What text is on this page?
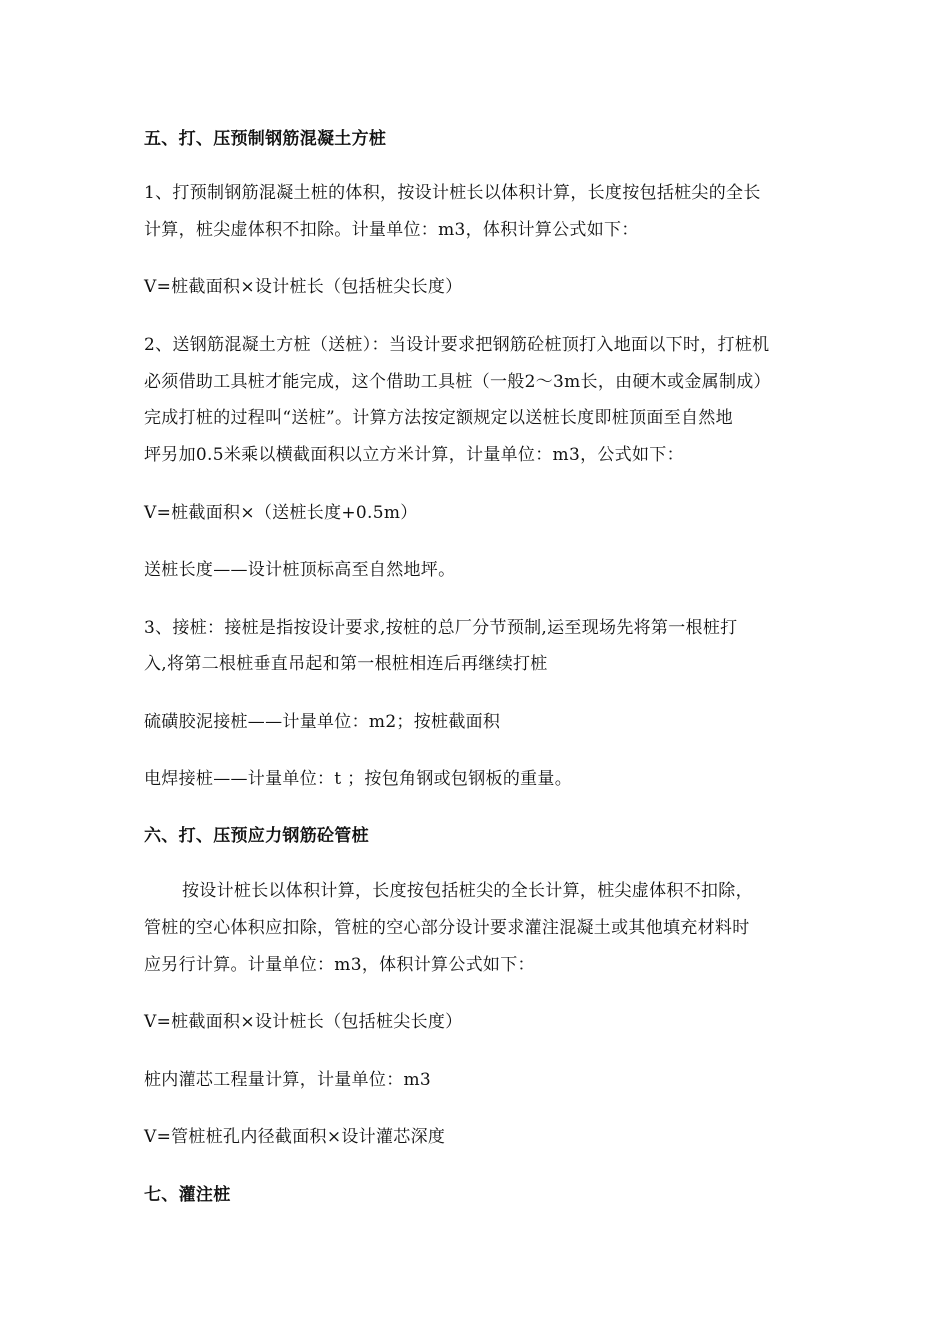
五、打、压预制钢筋混凝土方桩
1、打预制钢筋混凝土桩的体积，按设计桩长以体积计算，长度按包括桩尖的全长
计算，桩尖虚体积不扣除。计量单位：m3，体积计算公式如下：
V=桩截面积×设计桩长（包括桩尖长度）
2、送钢筋混凝土方桩（送桩）：当设计要求把钢筋砼桩顶打入地面以下时，打桩机
必须借助工具桩才能完成，这个借助工具桩（一般2～3m长，由硬木或金属制成）
完成打桩的过程叫“送桩”。计算方法按定额规定以送桩长度即桩顶面至自然地
坪另加0.5米乘以横截面积以立方米计算，计量单位：m3，公式如下：
V=桩截面积×（送桩长度+0.5m）
送桩长度——设计桩顶标高至自然地坪。
3、接桩：接桩是指按设计要求,按桩的总厂分节预制,运至现场先将第一根桩打
入,将第二根桩垂直吊起和第一根桩相连后再继续打桩
硫磺胶泥接桩——计量单位：m2；按桩截面积
电焊接桩——计量单位：t ；按包角钢或包钢板的重量。
六、打、压预应力钢筋砼管桩
按设计桩长以体积计算，长度按包括桩尖的全长计算，桩尖虚体积不扣除，
管桩的空心体积应扣除，管桩的空心部分设计要求灌注混凝土或其他填充材料时
应另行计算。计量单位：m3，体积计算公式如下：
V=桩截面积×设计桩长（包括桩尖长度）
桩内灌芯工程量计算，计量单位：m3
V=管桩桩孔内径截面积×设计灌芯深度
七、灌注桩
